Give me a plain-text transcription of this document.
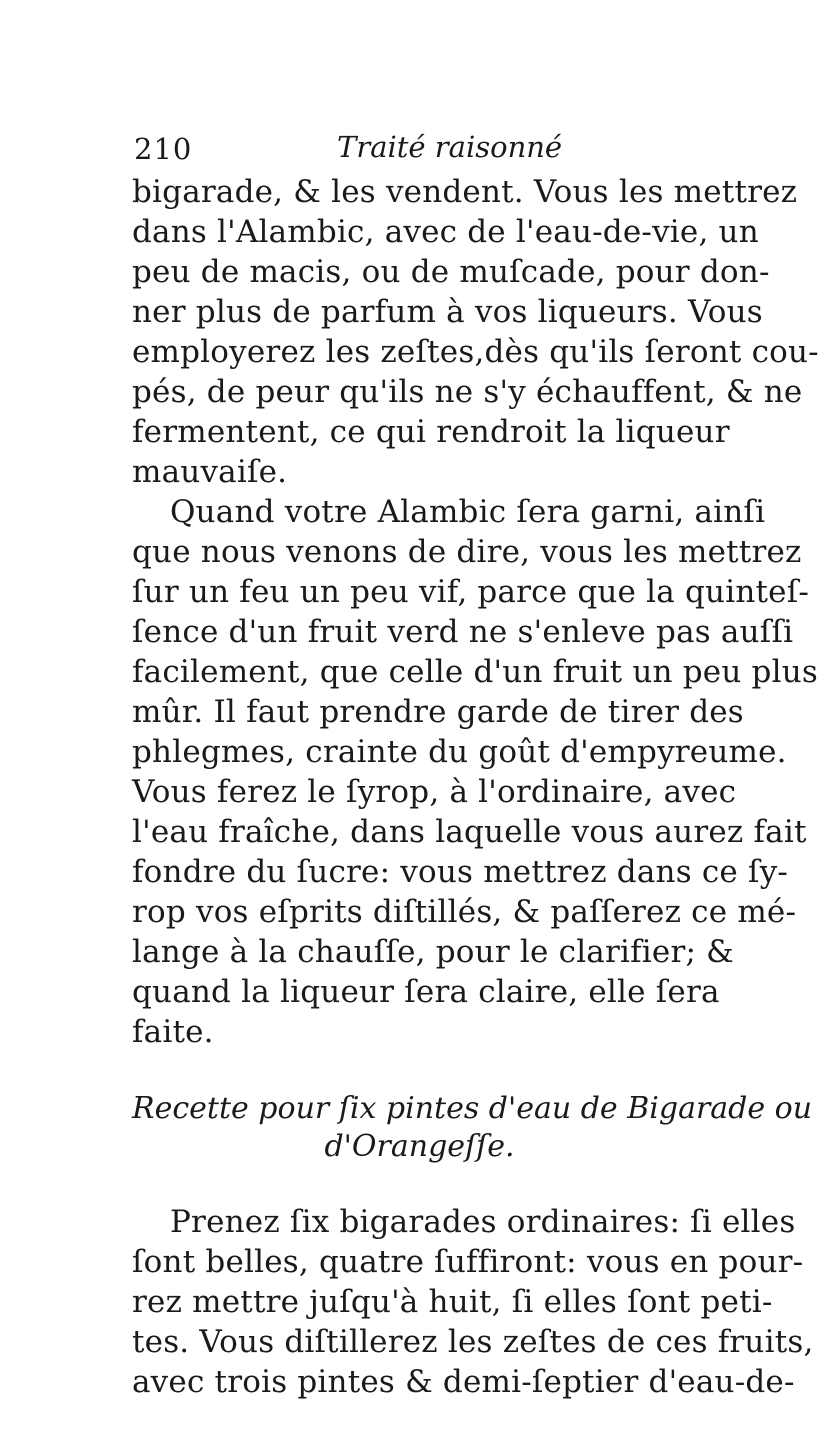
210	Traité raisonné
bigarade, & les vendent. Vous les mettrez
dans l'Alambic, avec de l'eau-de-vie, un
peu de macis, ou de muſcade, pour don-
ner plus de parfum à vos liqueurs. Vous
employerez les zeſtes,dès qu'ils ſeront cou-
pés, de peur qu'ils ne s'y échauffent, & ne
fermentent, ce qui rendroit la liqueur
mauvaiſe.
Quand votre Alambic ſera garni, ainſi
que nous venons de dire, vous les mettrez
ſur un feu un peu vif, parce que la quinteſ-
ſence d'un fruit verd ne s'enleve pas auſſi
facilement, que celle d'un fruit un peu plus
mûr. Il faut prendre garde de tirer des
phlegmes, crainte du goût d'empyreume.
Vous ferez le ſyrop, à l'ordinaire, avec
l'eau fraîche, dans laquelle vous aurez fait
fondre du ſucre: vous mettrez dans ce ſy-
rop vos eſprits diſtillés, & paſſerez ce mé-
lange à la chauſſe, pour le clarifier; &
quand la liqueur ſera claire, elle ſera
faite.
Recette pour ſix pintes d'eau de Bigarade ou
d'Orangeſſe.
Prenez ſix bigarades ordinaires: ſi elles
ſont belles, quatre ſuffiront: vous en pour-
rez mettre juſqu'à huit, ſi elles ſont peti-
tes. Vous diſtillerez les zeſtes de ces fruits,
avec trois pintes & demi-ſeptier d'eau-de-
